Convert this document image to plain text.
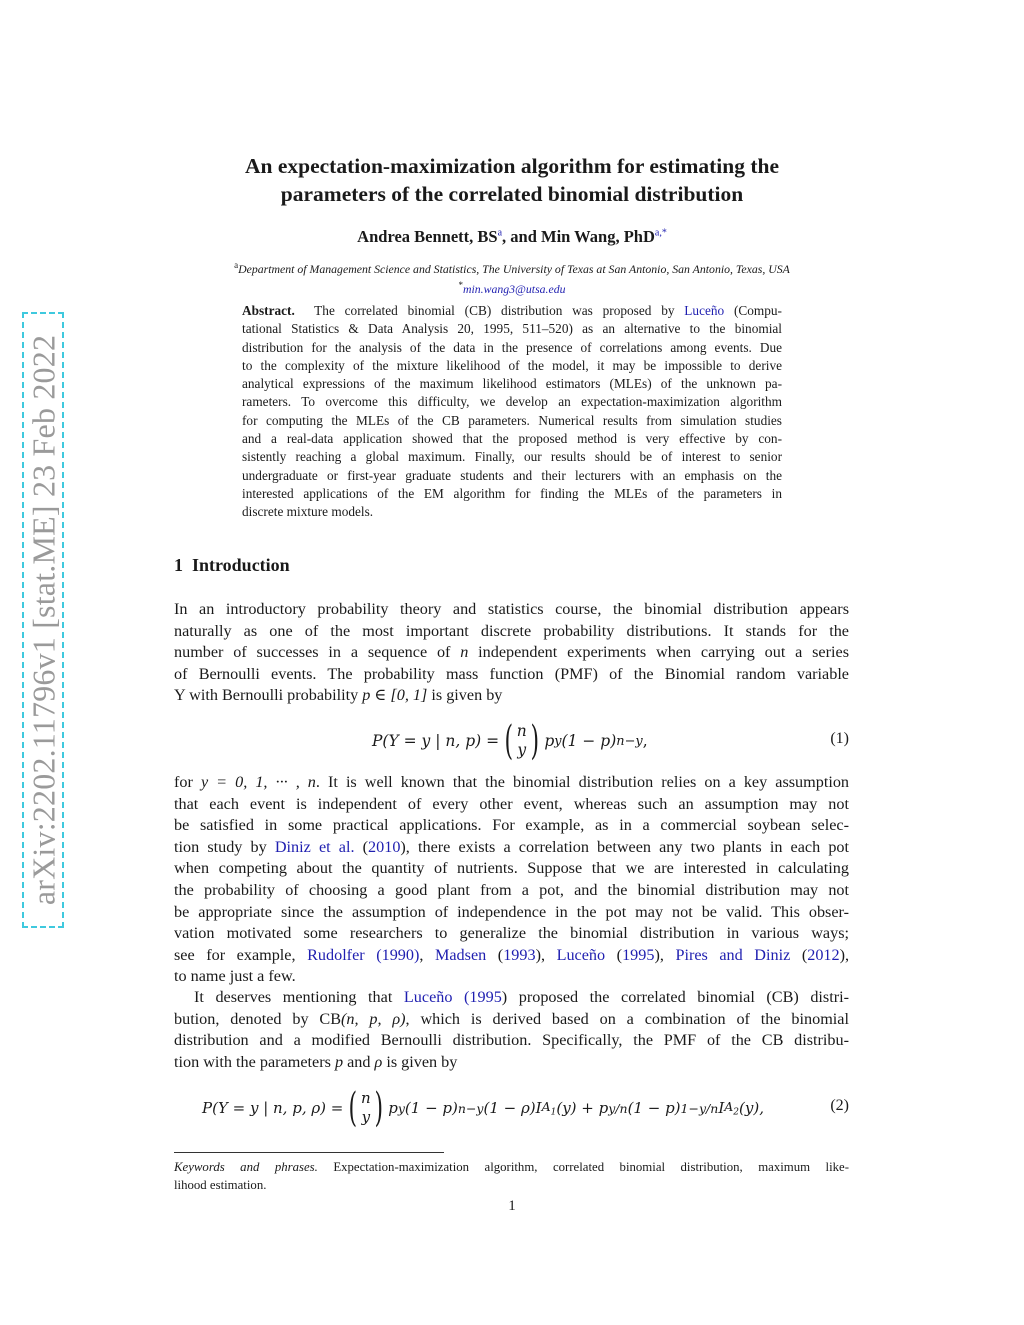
arXiv:2202.11796v1 [stat.ME] 23 Feb 2022
An expectation-maximization algorithm for estimating the
parameters of the correlated binomial distribution
Andrea Bennett, $BS^a$, and Min Wang, PhD$^{a,*}$
$^a$Department of Management Science and Statistics, The University of Texas at San Antonio, San Antonio, Texas, USA
*min.wang3@utsa.edu
Abstract. The correlated binomial (CB) distribution was proposed by Luceño (Compu-
tational Statistics & Data Analysis 20, 1995, 511–520) as an alternative to the binomial
distribution for the analysis of the data in the presence of correlations among events. Due
to the complexity of the mixture likelihood of the model, it may be impossible to derive
analytical expressions of the maximum likelihood estimators (MLEs) of the unknown pa-
rameters. To overcome this difficulty, we develop an expectation-maximization algorithm
for computing the MLEs of the CB parameters. Numerical results from simulation studies
and a real-data application showed that the proposed method is very effective by con-
sistently reaching a global maximum. Finally, our results should be of interest to senior
undergraduate or first-year graduate students and their lecturers with an emphasis on the
interested applications of the EM algorithm for finding the MLEs of the parameters in
discrete mixture models.
1 Introduction
In an introductory probability theory and statistics course, the binomial distribution appears
naturally as one of the most important discrete probability distributions. It stands for the
number of successes in a sequence of n independent experiments when carrying out a series
of Bernoulli events. The probability mass function (PMF) of the Binomial random variable
Y with Bernoulli probability p ∈ [0, 1] is given by
P(Y = y | n, p) = ( n
y ) p y (1 − p) n−y ,	(1)
for y = 0, 1, ··· , n. It is well known that the binomial distribution relies on a key assumption
that each event is independent of every other event, whereas such an assumption may not
be satisfied in some practical applications. For example, as in a commercial soybean selec-
tion study by Diniz et al. (2010), there exists a correlation between any two plants in each pot
when competing about the quantity of nutrients. Suppose that we are interested in calculating
the probability of choosing a good plant from a pot, and the binomial distribution may not
be appropriate since the assumption of independence in the pot may not be valid. This obser-
vation motivated some researchers to generalize the binomial distribution in various ways;
see for example, Rudolfer (1990), Madsen (1993), Luceño (1995), Pires and Diniz (2012),
to name just a few.
It deserves mentioning that Luceño (1995) proposed the correlated binomial (CB) distri-
bution, denoted by CB(n, p, ρ), which is derived based on a combination of the binomial
distribution and a modified Bernoulli distribution. Specifically, the PMF of the CB distribu-
tion with the parameters p and ρ is given by
P(Y = y | n, p, ρ) = ( n
y ) p y (1 − p) n−y (1 − ρ)I $A_1$ (y) + p y/n (1 − p) 1−y/n I $A_2$ (y),	(2)
Keywords and phrases. Expectation-maximization algorithm, correlated binomial distribution, maximum like-
lihood estimation.
1
